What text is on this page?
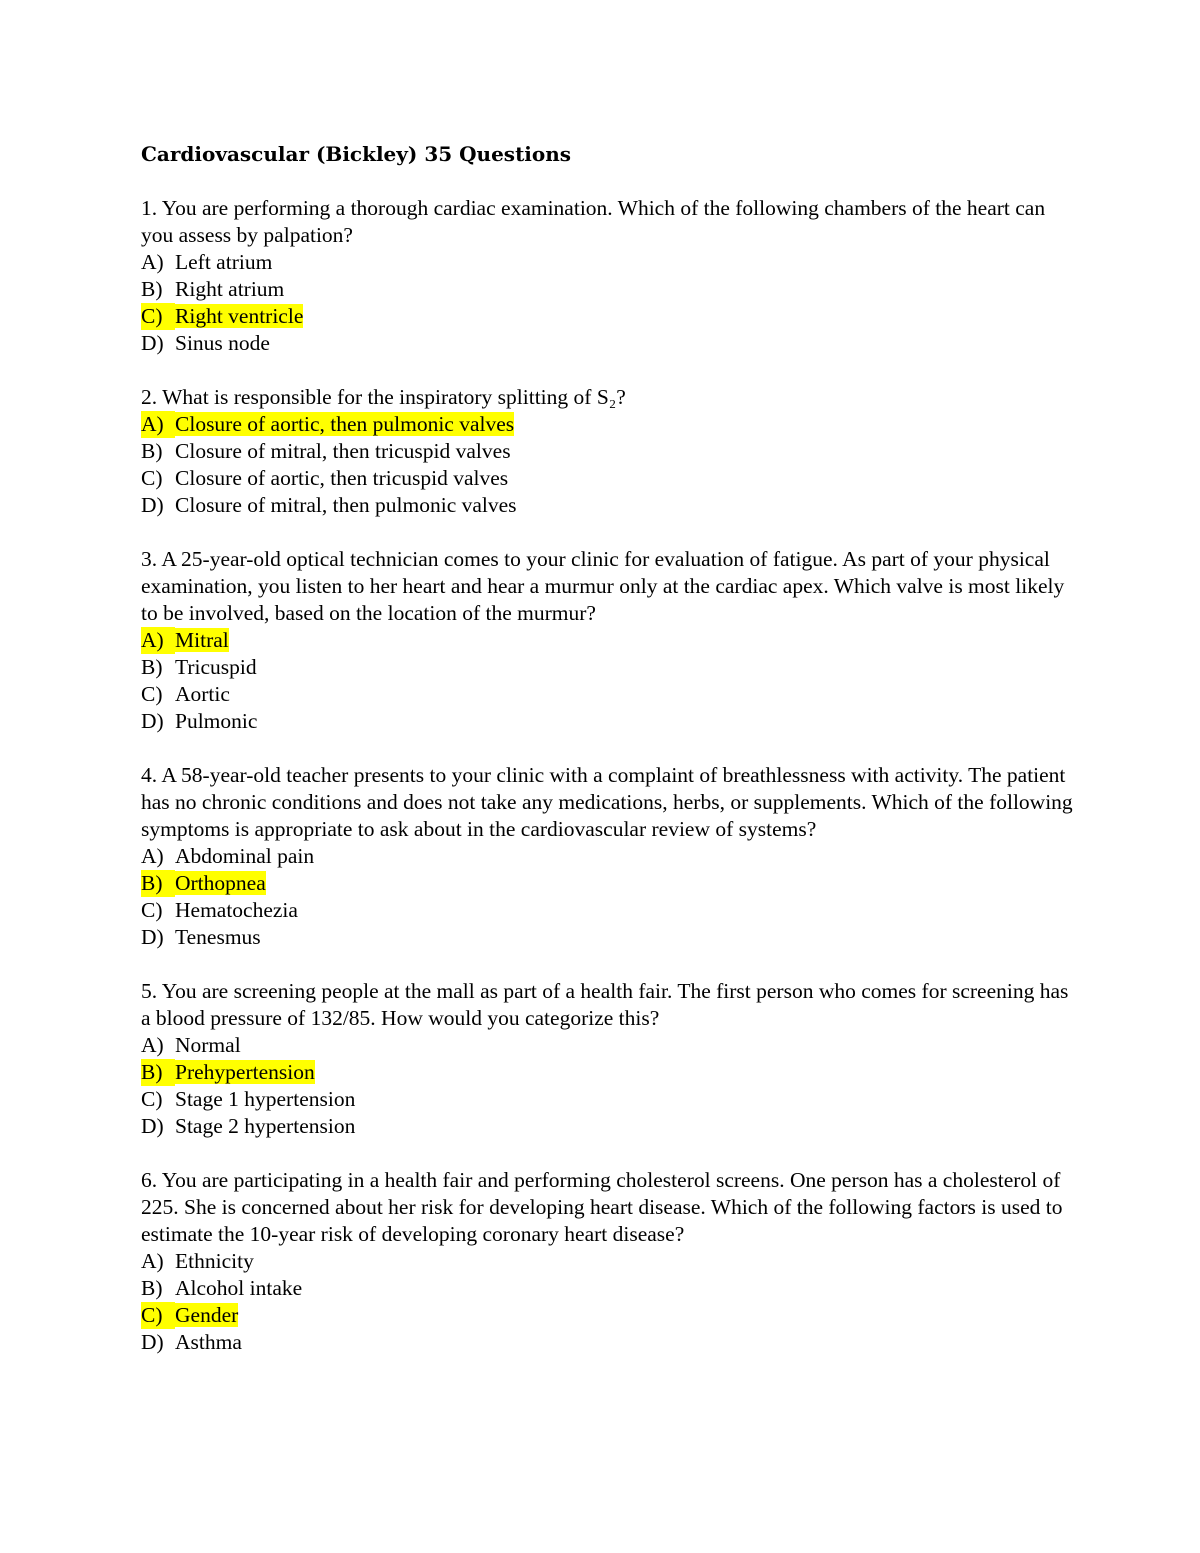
Cardiovascular (Bickley) 35 Questions

1. You are performing a thorough cardiac examination. Which of the following chambers of the heart can you assess by palpation?

A) Left atrium
B) Right atrium
C) Right ventricle
D) Sinus node

2. What is responsible for the inspiratory splitting of S₂?

A) Closure of aortic, then pulmonic valves
B) Closure of mitral, then tricuspid valves
C) Closure of aortic, then tricuspid valves
D) Closure of mitral, then pulmonic valves

3. A 25-year-old optical technician comes to your clinic for evaluation of fatigue. As part of your physical examination, you listen to her heart and hear a murmur only at the cardiac apex. Which valve is most likely to be involved, based on the location of the murmur?

A) Mitral
B) Tricuspid
C) Aortic
D) Pulmonic

4. A 58-year-old teacher presents to your clinic with a complaint of breathlessness with activity. The patient has no chronic conditions and does not take any medications, herbs, or supplements. Which of the following symptoms is appropriate to ask about in the cardiovascular review of systems?

A) Abdominal pain
B) Orthopnea
C) Hematochezia
D) Tenesmus

5. You are screening people at the mall as part of a health fair. The first person who comes for screening has a blood pressure of 132/85. How would you categorize this?

A) Normal
B) Prehypertension
C) Stage 1 hypertension
D) Stage 2 hypertension

6. You are participating in a health fair and performing cholesterol screens. One person has a cholesterol of 225. She is concerned about her risk for developing heart disease. Which of the following factors is used to estimate the 10-year risk of developing coronary heart disease?

A) Ethnicity
B) Alcohol intake
C) Gender
D) Asthma
